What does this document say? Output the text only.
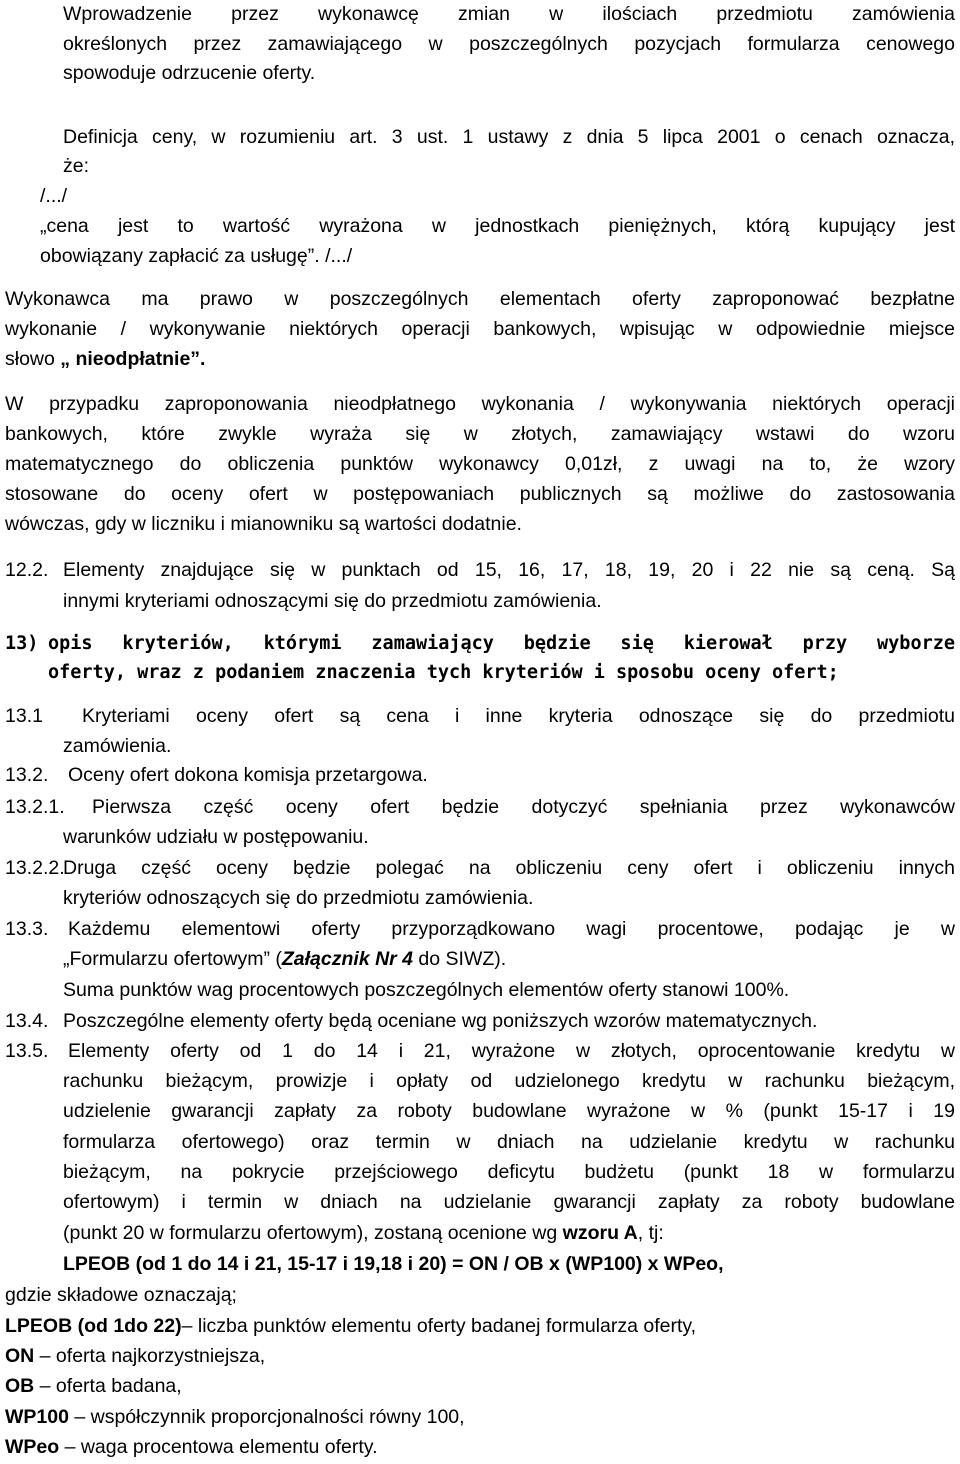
Wprowadzenie przez wykonawcę zmian w ilościach przedmiotu zamówienia
określonych przez zamawiającego w poszczególnych pozycjach formularza cenowego
spowoduje odrzucenie oferty.
Definicja ceny, w rozumieniu art. 3 ust. 1 ustawy z dnia 5 lipca 2001 o cenach oznacza,
że:
/.../
„cena jest to wartość wyrażona w jednostkach pieniężnych, którą kupujący jest
obowiązany zapłacić za usługę”. /.../
Wykonawca ma prawo w poszczególnych elementach oferty zaproponować bezpłatne
wykonanie / wykonywanie niektórych operacji bankowych, wpisując w odpowiednie miejsce
słowo „ nieodpłatnie”.
W przypadku zaproponowania nieodpłatnego wykonania / wykonywania niektórych operacji
bankowych, które zwykle wyraża się w złotych, zamawiający wstawi do wzoru
matematycznego do obliczenia punktów wykonawcy 0,01zł, z uwagi na to, że wzory
stosowane do oceny ofert w postępowaniach publicznych są możliwe do zastosowania
wówczas, gdy w liczniku i mianowniku są wartości dodatnie.
12.2. Elementy znajdujące się w punktach od 15, 16, 17, 18, 19, 20 i 22 nie są ceną. Są
innymi kryteriami odnoszącymi się do przedmiotu zamówienia.
13) opis kryteriów, którymi zamawiający będzie się kierował przy wyborze
oferty, wraz z podaniem znaczenia tych kryteriów i sposobu oceny ofert;
13.1 Kryteriami oceny ofert są cena i inne kryteria odnoszące się do przedmiotu
zamówienia.
13.2. Oceny ofert dokona komisja przetargowa.
13.2.1. Pierwsza część oceny ofert będzie dotyczyć spełniania przez wykonawców
warunków udziału w postępowaniu.
13.2.2.
Druga część oceny będzie polegać na obliczeniu ceny ofert i obliczeniu innych
kryteriów odnoszących się do przedmiotu zamówienia.
13.3. Każdemu elementowi oferty przyporządkowano wagi procentowe, podając je w
„Formularzu ofertowym” (Załącznik Nr 4 do SIWZ).
Suma punktów wag procentowych poszczególnych elementów oferty stanowi 100%.
13.4. Poszczególne elementy oferty będą oceniane wg poniższych wzorów matematycznych.
13.5. Elementy oferty od 1 do 14 i 21, wyrażone w złotych, oprocentowanie kredytu w
rachunku bieżącym, prowizje i opłaty od udzielonego kredytu w rachunku bieżącym,
udzielenie gwarancji zapłaty za roboty budowlane wyrażone w % (punkt 15-17 i 19
formularza ofertowego) oraz termin w dniach na udzielanie kredytu w rachunku
bieżącym, na pokrycie przejściowego deficytu budżetu (punkt 18 w formularzu
ofertowym) i termin w dniach na udzielanie gwarancji zapłaty za roboty budowlane
(punkt 20 w formularzu ofertowym), zostaną ocenione wg wzoru A, tj:
LPEOB (od 1 do 14 i 21, 15-17 i 19,18 i 20) = ON / OB x (WP100) x WPeo,
gdzie składowe oznaczają;
LPEOB (od 1do 22)– liczba punktów elementu oferty badanej formularza oferty,
ON – oferta najkorzystniejsza,
OB – oferta badana,
WP100 – współczynnik proporcjonalności równy 100,
WPeo – waga procentowa elementu oferty.
